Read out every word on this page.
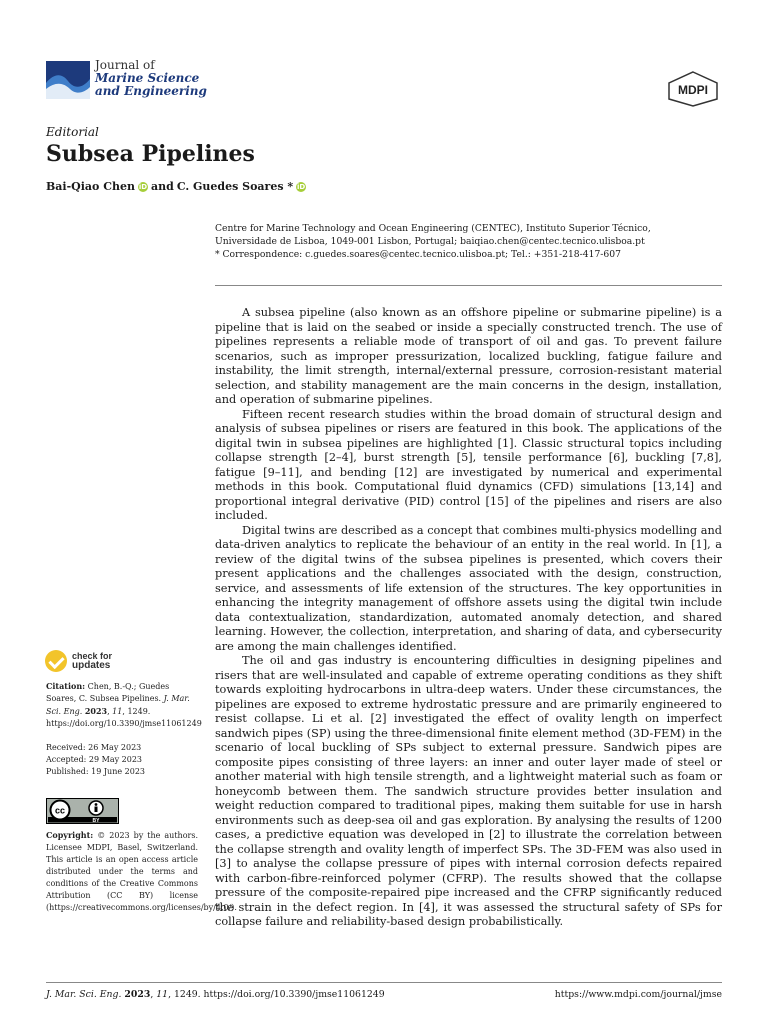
Journal of
Marine Science
and Engineering	MDPI
Editorial
Subsea Pipelines
Bai-Qiao Chen iD and C. Guedes Soares * iD

Centre for Marine Technology and Ocean Engineering (CENTEC), Instituto Superior Técnico,

Universidade de Lisboa, 1049-001 Lisbon, Portugal; baiqiao.chen@centec.tecnico.ulisboa.pt

* Correspondence: c.guedes.soares@centec.tecnico.ulisboa.pt; Tel.: +351-218-417-607

A subsea pipeline (also known as an offshore pipeline or submarine pipeline) is a pipeline that is laid on the seabed or inside a specially constructed trench. The use of pipelines represents a reliable mode of transport of oil and gas. To prevent failure scenarios, such as improper pressurization, localized buckling, fatigue failure and instability, the limit strength, internal/external pressure, corrosion-resistant material selection, and stability management are the main concerns in the design, installation, and operation of submarine pipelines.

Fifteen recent research studies within the broad domain of structural design and analysis of subsea pipelines or risers are featured in this book. The applications of the digital twin in subsea pipelines are highlighted [1]. Classic structural topics including collapse strength [2–4], burst strength [5], tensile performance [6], buckling [7,8], fatigue [9–11], and bending [12] are investigated by numerical and experimental methods in this book. Computational fluid dynamics (CFD) simulations [13,14] and proportional integral derivative (PID) control [15] of the pipelines and risers are also included.

Digital twins are described as a concept that combines multi-physics modelling and data-driven analytics to replicate the behaviour of an entity in the real world. In [1], a review of the digital twins of the subsea pipelines is presented, which covers their present applications and the challenges associated with the design, construction, service, and assessments of life extension of the structures. The key opportunities in enhancing the integrity management of offshore assets using the digital twin include data contextualization, standardization, automated anomaly detection, and shared learning. However, the collection, interpretation, and sharing of data, and cybersecurity are among the main challenges identified.

The oil and gas industry is encountering difficulties in designing pipelines and risers that are well-insulated and capable of extreme operating conditions as they shift towards exploiting hydrocarbons in ultra-deep waters. Under these circumstances, the pipelines are exposed to extreme hydrostatic pressure and are primarily engineered to resist collapse. Li et al. [2] investigated the effect of ovality length on imperfect sandwich pipes (SP) using the three-dimensional finite element method (3D-FEM) in the scenario of local buckling of SPs subject to external pressure. Sandwich pipes are composite pipes consisting of three layers: an inner and outer layer made of steel or another material with high tensile strength, and a lightweight material such as foam or honeycomb between them. The sandwich structure provides better insulation and weight reduction compared to traditional pipes, making them suitable for use in harsh environments such as deep-sea oil and gas exploration. By analysing the results of 1200 cases, a predictive equation was developed in [2] to illustrate the correlation between the collapse strength and ovality length of imperfect SPs. The 3D-FEM was also used in [3] to analyse the collapse pressure of pipes with internal corrosion defects repaired with carbon-fibre-reinforced polymer (CFRP). The results showed that the collapse pressure of the composite-repaired pipe increased and the CFRP significantly reduced the strain in the defect region. In [4], it was assessed the structural safety of SPs for collapse failure and reliability-based design probabilistically.

check for
updates

Citation: Chen, B.-Q.; Guedes Soares, C. Subsea Pipelines. J. Mar. Sci. Eng. 2023, 11, 1249. https://doi.org/10.3390/jmse11061249

Received: 26 May 2023

Accepted: 29 May 2023

Published: 19 June 2023

cc
BY

Copyright: © 2023 by the authors. Licensee MDPI, Basel, Switzerland. This article is an open access article distributed under the terms and conditions of the Creative Commons Attribution (CC BY) license (https://creativecommons.org/licenses/by/4.0/).

J. Mar. Sci. Eng. 2023, 11, 1249. https://doi.org/10.3390/jmse11061249	https://www.mdpi.com/journal/jmse
